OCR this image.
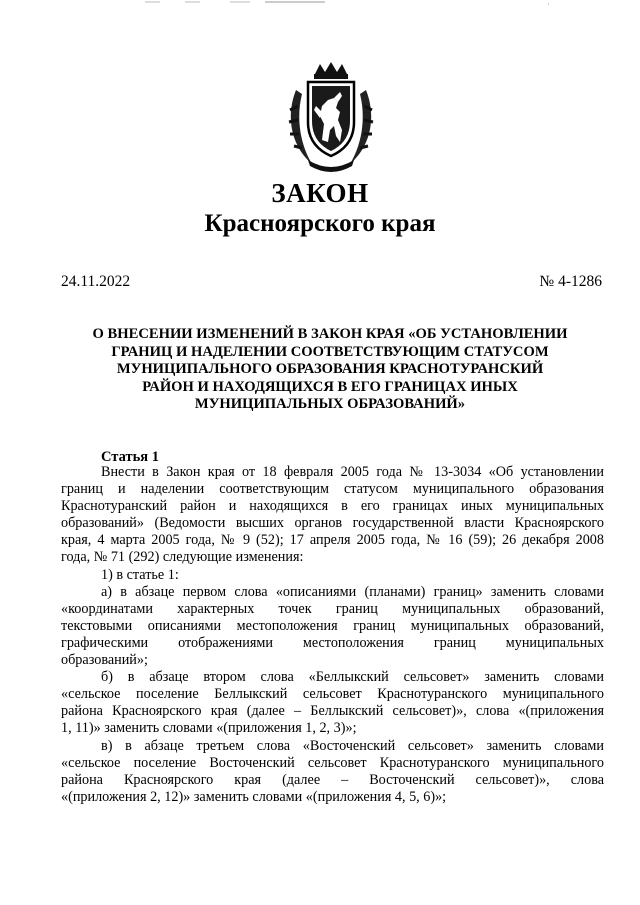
ЗАКОН
Красноярского края
24.11.2022	№ 4-1286
О ВНЕСЕНИИ ИЗМЕНЕНИЙ В ЗАКОН КРАЯ «ОБ УСТАНОВЛЕНИИ
ГРАНИЦ И НАДЕЛЕНИИ СООТВЕТСТВУЮЩИМ СТАТУСОМ
МУНИЦИПАЛЬНОГО ОБРАЗОВАНИЯ КРАСНОТУРАНСКИЙ
РАЙОН И НАХОДЯЩИХСЯ В ЕГО ГРАНИЦАХ ИНЫХ
МУНИЦИПАЛЬНЫХ ОБРАЗОВАНИЙ»
Статья 1
Внести в Закон края от 18 февраля 2005 года № 13-3034 «Об установлении
границ и наделении соответствующим статусом муниципального образования
Краснотуранский район и находящихся в его границах иных муниципальных
образований» (Ведомости высших органов государственной власти Красноярского
края, 4 марта 2005 года, № 9 (52); 17 апреля 2005 года, № 16 (59); 26 декабря 2008
года, № 71 (292) следующие изменения:
1) в статье 1:
а) в абзаце первом слова «описаниями (планами) границ» заменить словами
«координатами характерных точек границ муниципальных образований,
текстовыми описаниями местоположения границ муниципальных образований,
графическими отображениями местоположения границ муниципальных
образований»;
б) в абзаце втором слова «Беллыкский сельсовет» заменить словами
«сельское поселение Беллыкский сельсовет Краснотуранского муниципального
района Красноярского края (далее – Беллыкский сельсовет)», слова «(приложения
1, 11)» заменить словами «(приложения 1, 2, 3)»;
в) в абзаце третьем слова «Восточенский сельсовет» заменить словами
«сельское поселение Восточенский сельсовет Краснотуранского муниципального
района Красноярского края (далее – Восточенский сельсовет)», слова
«(приложения 2, 12)» заменить словами «(приложения 4, 5, 6)»;
